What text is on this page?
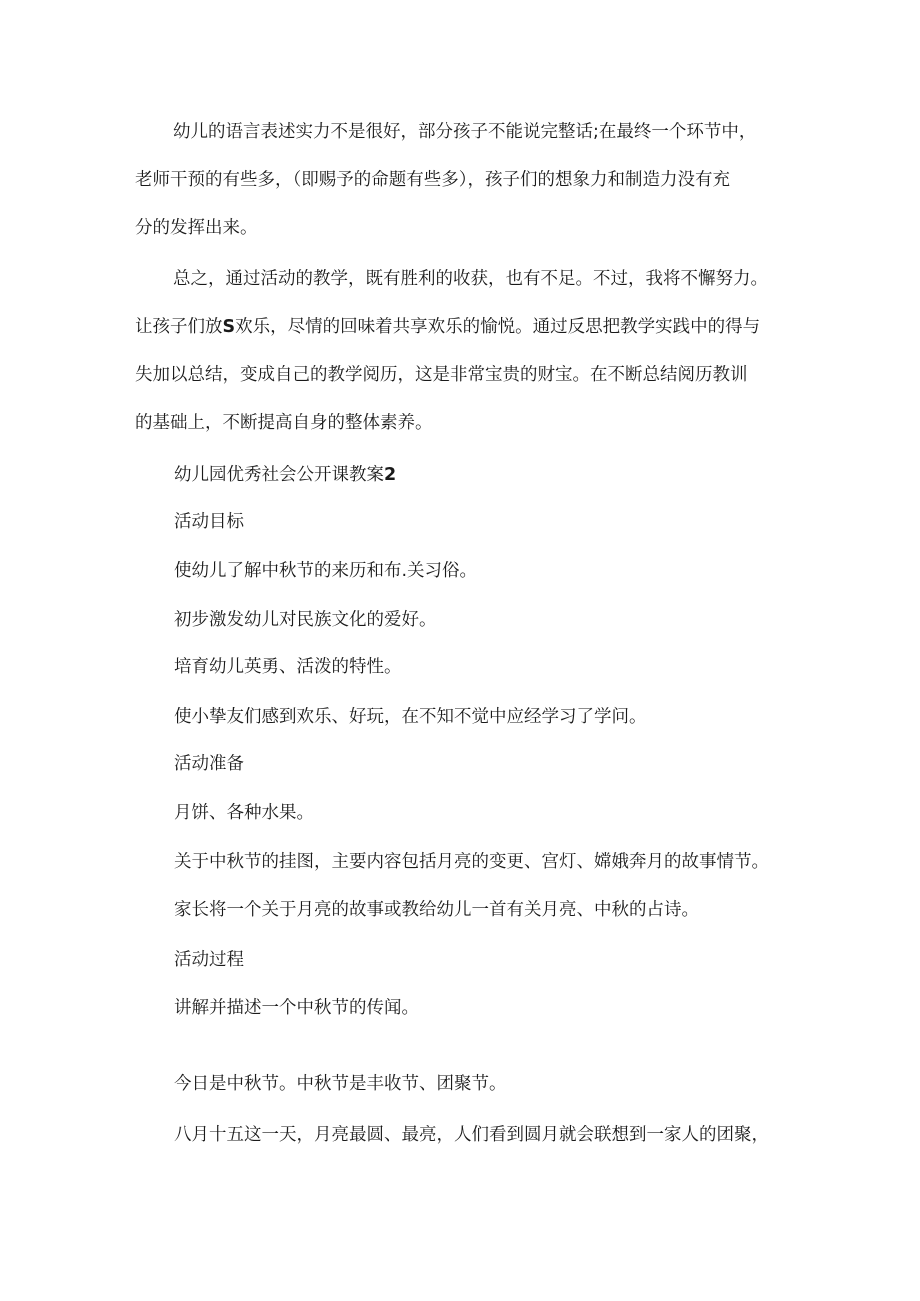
幼儿的语言表述实力不是很好，部分孩子不能说完整话;在最终一个环节中，
老师干预的有些多，（即赐予的命题有些多），孩子们的想象力和制造力没有充
分的发挥出来。

总之，通过活动的教学，既有胜利的收获，也有不足。不过，我将不懈努力。
让孩子们放S欢乐，尽情的回味着共享欢乐的愉悦。通过反思把教学实践中的得与
失加以总结，变成自己的教学阅历，这是非常宝贵的财宝。在不断总结阅历教训
的基础上，不断提高自身的整体素养。

幼儿园优秀社会公开课教案2

活动目标

使幼儿了解中秋节的来历和布.关习俗。

初步激发幼儿对民族文化的爱好。

培育幼儿英勇、活泼的特性。

使小挚友们感到欢乐、好玩，在不知不觉中应经学习了学问。

活动准备

月饼、各种水果。

关于中秋节的挂图，主要内容包括月亮的变更、宫灯、嫦娥奔月的故事情节。

家长将一个关于月亮的故事或教给幼儿一首有关月亮、中秋的占诗。

活动过程

讲解并描述一个中秋节的传闻。

今日是中秋节。中秋节是丰收节、团聚节。

八月十五这一天，月亮最圆、最亮，人们看到圆月就会联想到一家人的团聚，
